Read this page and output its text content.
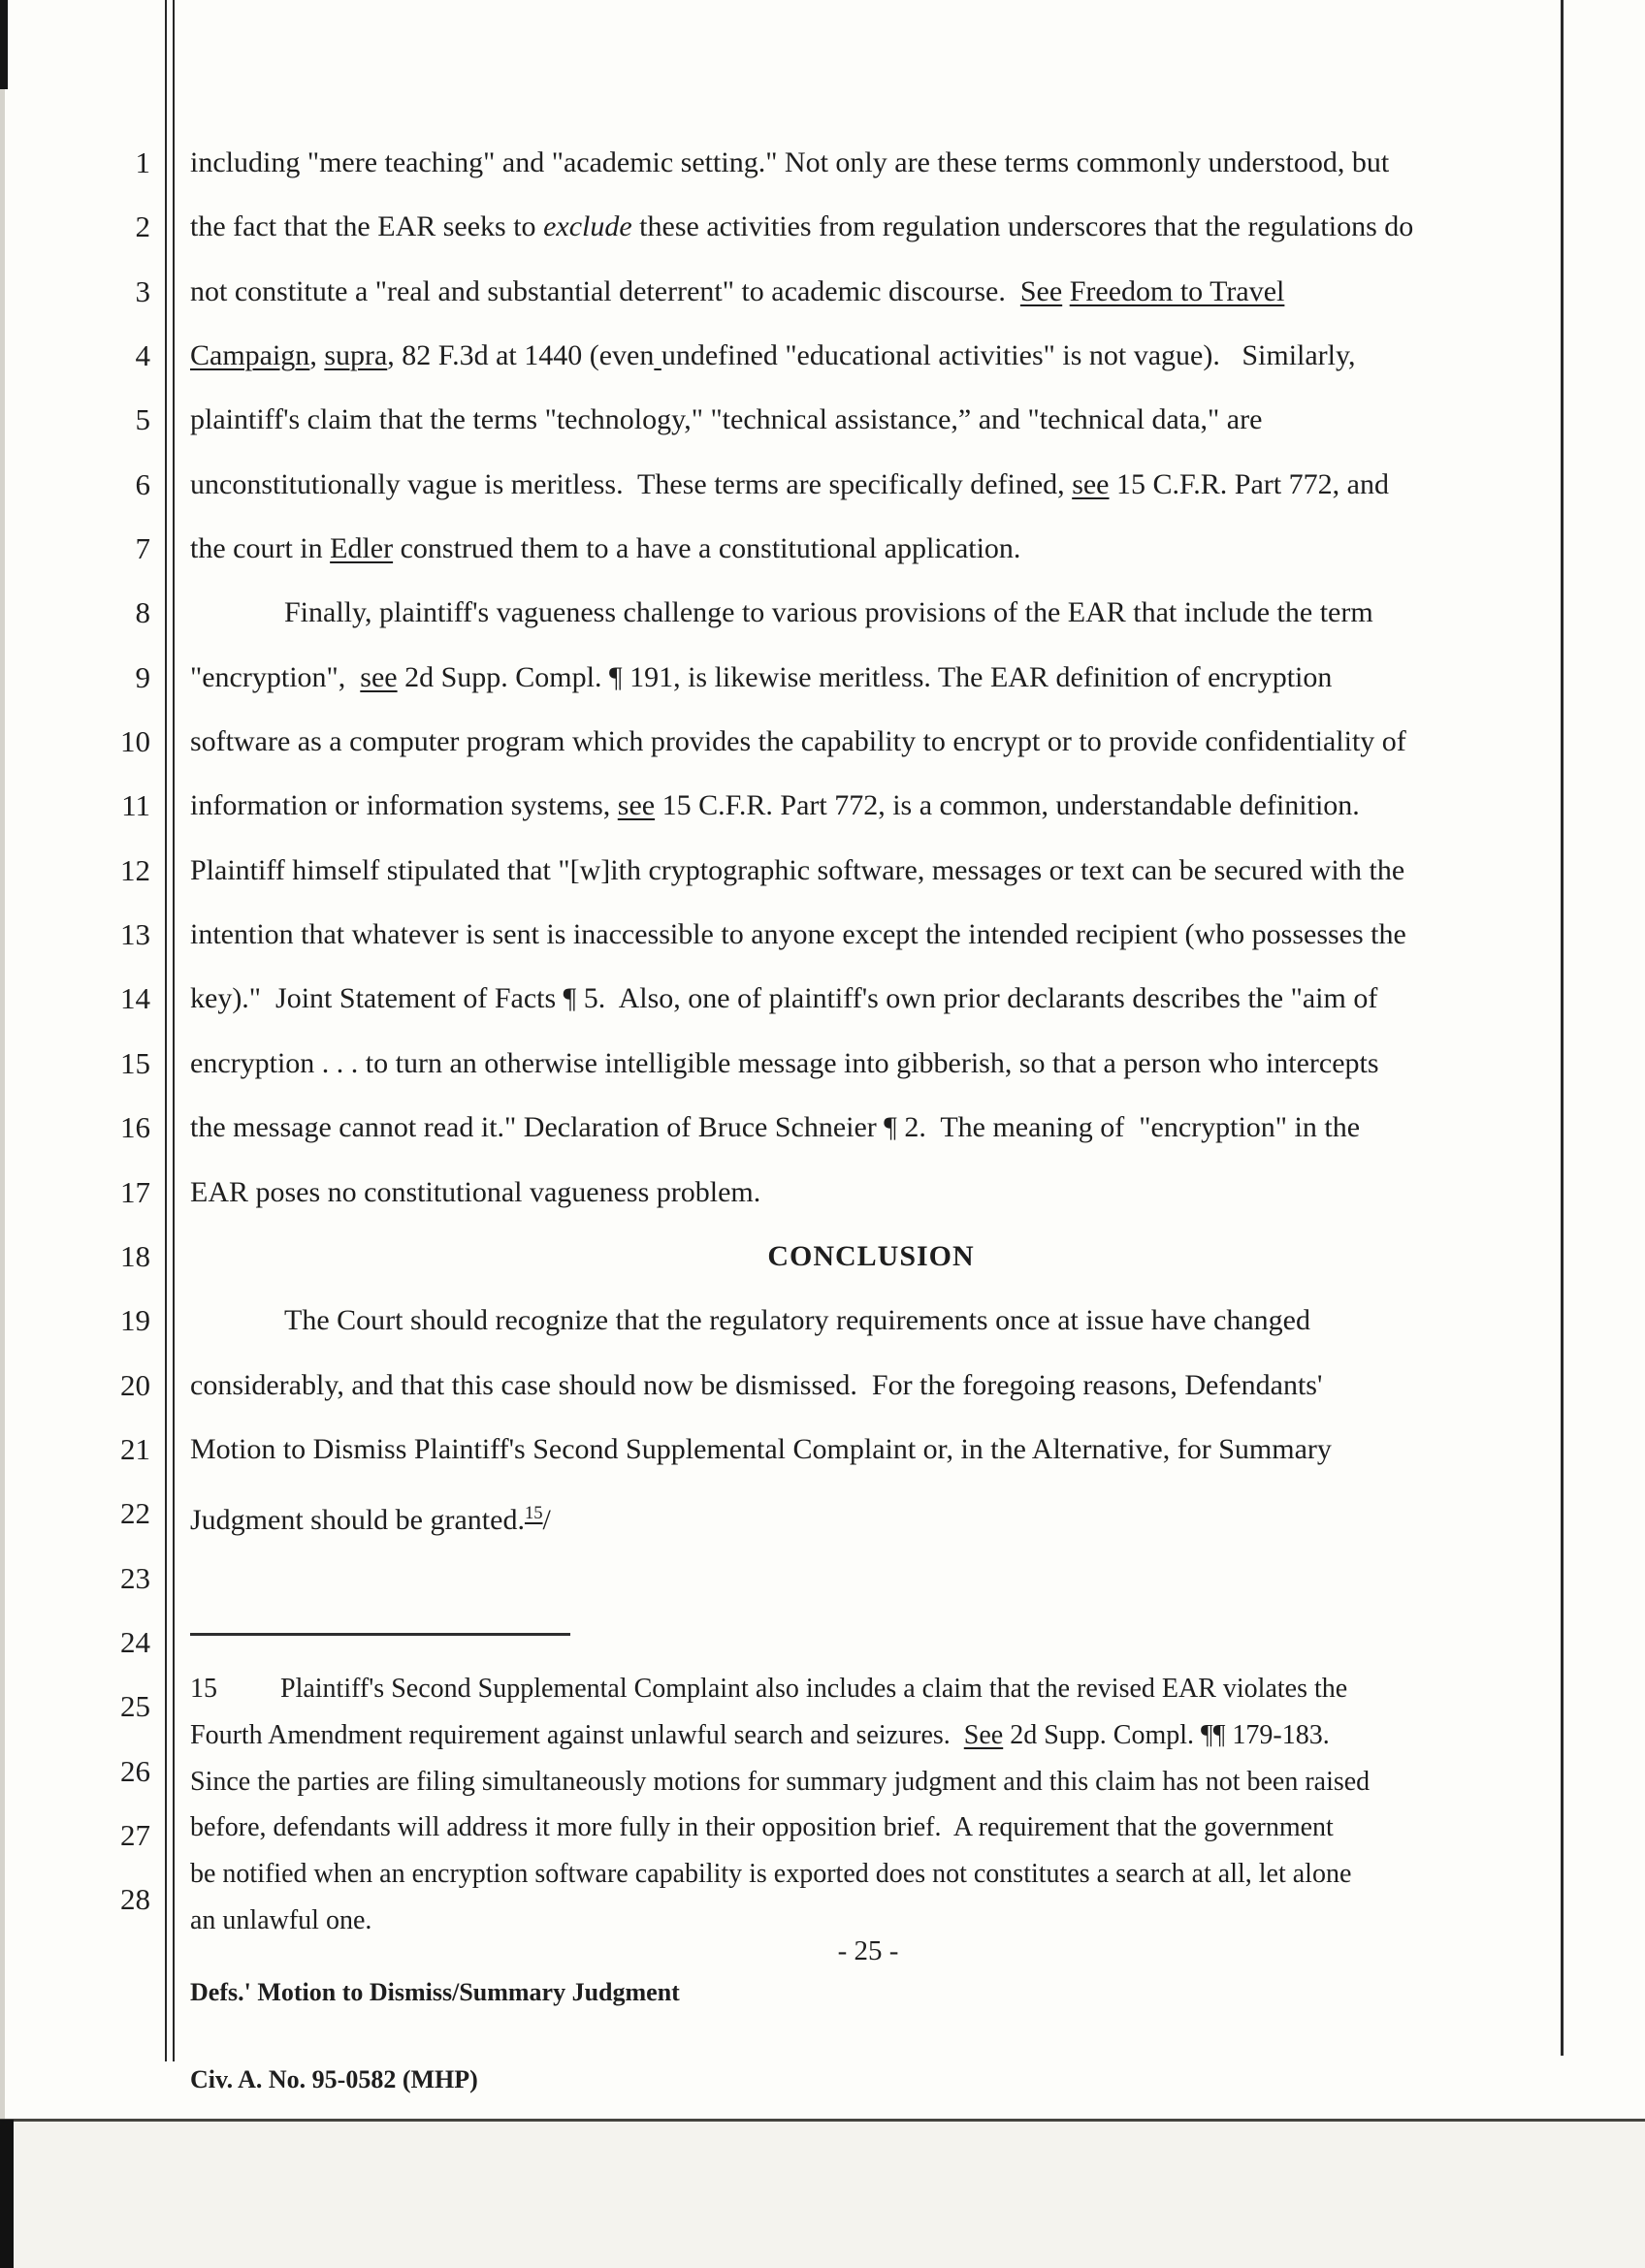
1
2
3
4
5
6
7
8
9
10
11
12
13
14
15
16
17
18
19
20
21
22
23
24
25
26
27
28
including "mere teaching" and "academic setting." Not only are these terms commonly understood, but
the fact that the EAR seeks to exclude these activities from regulation underscores that the regulations do
not constitute a "real and substantial deterrent" to academic discourse.  See Freedom to Travel
Campaign, supra, 82 F.3d at 1440 (even undefined "educational activities" is not vague).   Similarly,
plaintiff's claim that the terms "technology," "technical assistance,” and "technical data," are
unconstitutionally vague is meritless.  These terms are specifically defined, see 15 C.F.R. Part 772, and
the court in Edler construed them to a have a constitutional application.
Finally, plaintiff's vagueness challenge to various provisions of the EAR that include the term
"encryption",  see 2d Supp. Compl. ¶ 191, is likewise meritless. The EAR definition of encryption
software as a computer program which provides the capability to encrypt or to provide confidentiality of
information or information systems, see 15 C.F.R. Part 772, is a common, understandable definition.
Plaintiff himself stipulated that "[w]ith cryptographic software, messages or text can be secured with the
intention that whatever is sent is inaccessible to anyone except the intended recipient (who possesses the
key)."  Joint Statement of Facts ¶ 5.  Also, one of plaintiff's own prior declarants describes the "aim of
encryption . . . to turn an otherwise intelligible message into gibberish, so that a person who intercepts
the message cannot read it." Declaration of Bruce Schneier ¶ 2.  The meaning of  "encryption" in the
EAR poses no constitutional vagueness problem.
CONCLUSION
The Court should recognize that the regulatory requirements once at issue have changed
considerably, and that this case should now be dismissed.  For the foregoing reasons, Defendants'
Motion to Dismiss Plaintiff's Second Supplemental Complaint or, in the Alternative, for Summary
Judgment should be granted.$^{15}$/
15 Plaintiff's Second Supplemental Complaint also includes a claim that the revised EAR violates the
Fourth Amendment requirement against unlawful search and seizures.  See 2d Supp. Compl. ¶¶ 179-183.
Since the parties are filing simultaneously motions for summary judgment and this claim has not been raised
before, defendants will address it more fully in their opposition brief.  A requirement that the government
be notified when an encryption software capability is exported does not constitutes a search at all, let alone
an unlawful one.

Defs.' Motion to Dismiss/Summary Judgment

Civ. A. No. 95-0582 (MHP)

- 25 -
